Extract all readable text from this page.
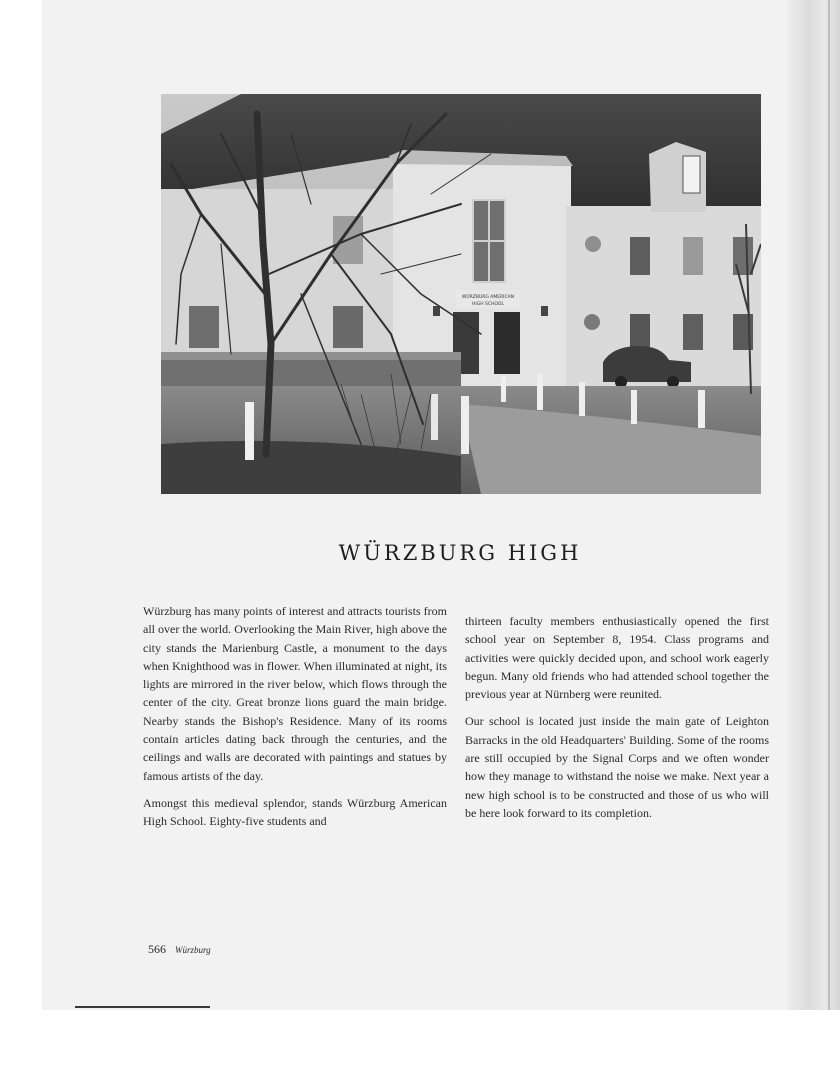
WÜRZBURG AMERICAN
HIGH SCHOOL
WÜRZBURG HIGH

Würzburg has many points of interest and attracts tourists from all over the world. Overlooking the Main River, high above the city stands the Marienburg Castle, a monument to the days when Knighthood was in flower. When illuminated at night, its lights are mirrored in the river below, which flows through the center of the city. Great bronze lions guard the main bridge. Nearby stands the Bishop's Residence. Many of its rooms contain articles dating back through the centuries, and the ceilings and walls are decorated with paintings and statues by famous artists of the day.

Amongst this medieval splendor, stands Würzburg American High School. Eighty-five students and

thirteen faculty members enthusiastically opened the first school year on September 8, 1954. Class programs and activities were quickly decided upon, and school work eagerly begun. Many old friends who had attended school together the previous year at Nürnberg were reunited.

Our school is located just inside the main gate of Leighton Barracks in the old Headquarters' Building. Some of the rooms are still occupied by the Signal Corps and we often wonder how they manage to withstand the noise we make. Next year a new high school is to be constructed and those of us who will be here look forward to its completion.

566 Würzburg
